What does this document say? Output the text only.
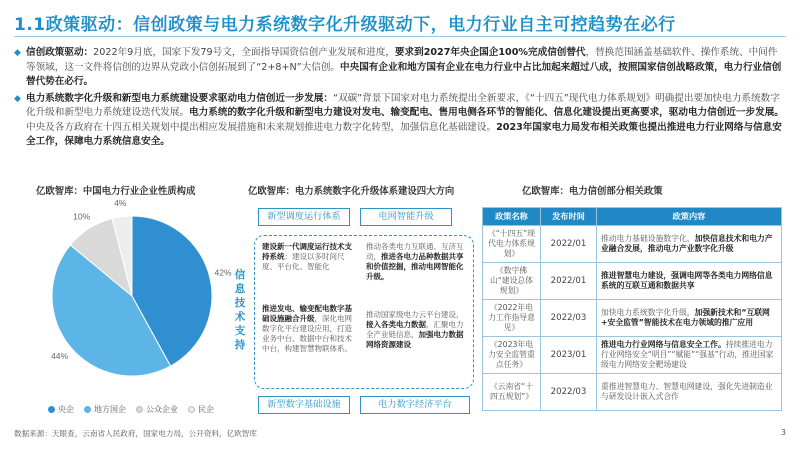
1.1政策驱动：信创政策与电力系统数字化升级驱动下，电力行业自主可控趋势在必行
◆ 信创政策驱动：2022年9月底，国家下发79号文，全面指导国资信创产业发展和进度，要求到2027年央企国企100%完成信创替代，替换范围涵盖基础软件、操作系统、中间件等领域，这一文件将信创的边界从党政小信创拓展到了“2+8+N”大信创。中央国有企业和地方国有企业在电力行业中占比加起来超过八成，按照国家信创战略政策，电力行业信创替代势在必行。
◆ 电力系统数字化升级和新型电力系统建设要求驱动电力信创近一步发展：“双碳”背景下国家对电力系统提出全新要求，《“十四五”现代电力体系规划》明确提出要加快电力系统数字化升级和新型电力系统建设迭代发展。电力系统的数字化升级和新型电力建设对发电、输变配电、售用电侧各环节的智能化、信息化建设提出更高要求，驱动电力信创近一步发展。中央及各方政府在十四五相关规划中提出相应发展措施和未来规划推进电力数字化转型，加强信息化基础建设。2023年国家电力局发布相关政策也提出推进电力行业网络与信息安全工作，保障电力系统信息安全。
亿欧智库：中国电力行业企业性质构成	亿欧智库：电力系统数字化升级体系建设四大方向	亿欧智库：电力信创部分相关政策
42%
44%
10%
4%
央企	地方国企	公众企业	民企
信息技术支持
新型调度运行体系	电网智能升级
建设新一代调度运行技术支持系统：建设以多时间尺度、平台化、智能化
推动各类电力互联通、互济互动，推进各电力品种数据共享和价值挖掘，推动电网智能化升级。
推进发电、输变配电数字基础设施融合升级，深化电网数字化平台建设应用，打造业务中台、数据中台和技术中台，构建智慧物联体系。
推动国家级电力云平台建设，接入各类电力数据，汇聚电力全产业链信息，加强电力数据网络资源建设
新型数字基础设施	电力数字经济平台
政策名称	发布时间	政策内容
《“十四五”现代电力体系规划》	2022/01	推动电力基础设施数字化，加快信息技术和电力产业融合发展，推动电力产业数字化升级
《数字佛山“建设总体规划》	2022/01	推进智慧电力建设，强调电网等各类电力网络信息系统的互联互通和数据共享
《2022年电力工作指导意见》	2022/03	加快电力系统数字化升级，加强新技术和“互联网+安全监管”智能技术在电力领域的推广应用
《2023年电力安全监管重点任务》	2023/01	推进电力行业网络与信息安全工作。持续推进电力行业网络安全“明目”“赋能”“强基”行动，推进国家级电力网络安全靶场建设
《云南省“十四五规划”》	2022/03	重推进智慧电力、智慧电网建设，强化先进制造业与研发设计嵌入式合作
数据来源：天眼查，云南省人民政府，国家电力局，公开资料，亿欧智库	3
